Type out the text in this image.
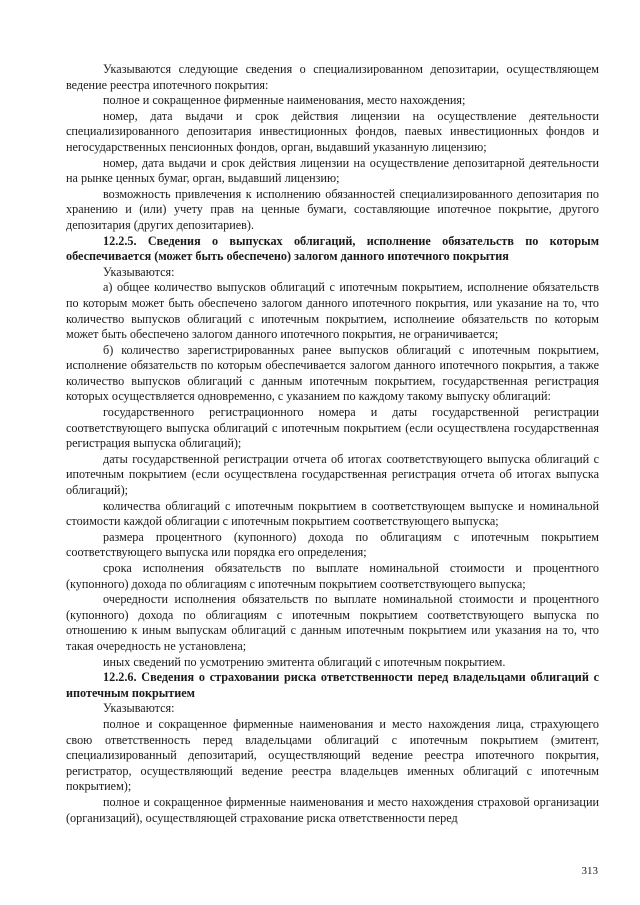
Указываются следующие сведения о специализированном депозитарии, осуществляющем ведение реестра ипотечного покрытия:

полное и сокращенное фирменные наименования, место нахождения;

номер, дата выдачи и срок действия лицензии на осуществление деятельности специализированного депозитария инвестиционных фондов, паевых инвестиционных фондов и негосударственных пенсионных фондов, орган, выдавший указанную лицензию;

номер, дата выдачи и срок действия лицензии на осуществление депозитарной деятельности на рынке ценных бумаг, орган, выдавший лицензию;

возможность привлечения к исполнению обязанностей специализированного депозитария по хранению и (или) учету прав на ценные бумаги, составляющие ипотечное покрытие, другого депозитария (других депозитариев).

12.2.5. Сведения о выпусках облигаций, исполнение обязательств по которым обеспечивается (может быть обеспечено) залогом данного ипотечного покрытия

Указываются:

а) общее количество выпусков облигаций с ипотечным покрытием, исполнение обязательств по которым может быть обеспечено залогом данного ипотечного покрытия, или указание на то, что количество выпусков облигаций с ипотечным покрытием, исполнеиие обязательств по которым может быть обеспечено залогом данного ипотечного покрытия, не ограничивается;

б) количество зарегистрированных ранее выпусков облигаций с ипотечным покрытием, исполнение обязательств по которым обеспечивается залогом данного ипотечного покрытия, а также количество выпусков облигаций с данным ипотечным покрытием, государственная регистрация которых осуществляется одновременно, с указанием по каждому такому выпуску облигаций:

государственного регистрационного номера и даты государственной регистрации соответствующего выпуска облигаций с ипотечным покрытием (если осуществлена государственная регистрация выпуска облигаций);

даты государственной регистрации отчета об итогах соответствующего выпуска облигаций с ипотечным покрытием (если осуществлена государственная регистрация отчета об итогах выпуска облигаций);

количества облигаций с ипотечным покрытием в соответствующем выпуске и номинальной стоимости каждой облигации с ипотечным покрытием соответствующего выпуска;

размера процентного (купонного) дохода по облигациям с ипотечным покрытием соответствующего выпуска или порядка его определения;

срока исполнения обязательств по выплате номинальной стоимости и процентного (купонного) дохода по облигациям с ипотечным покрытием соответствующего выпуска;

очередности исполнения обязательств по выплате номинальной стоимости и процентного (купонного) дохода по облигациям с ипотечным покрытием соответствующего выпуска по отношению к иным выпускам облигаций с данным ипотечным покрытием или указания на то, что такая очередность не установлена;

иных сведений по усмотрению эмитента облигаций с ипотечным покрытием.

12.2.6. Сведения о страховании риска ответственности перед владельцами облигаций с ипотечным покрытием

Указываются:

полное и сокращенное фирменные наименования и место нахождения лица, страхующего свою ответственность перед владельцами облигаций с ипотечным покрытием (эмитент, специализированный депозитарий, осуществляющий ведение реестра ипотечного покрытия, регистратор, осуществляющий ведение реестра владельцев именных облигаций с ипотечным покрытием);

полное и сокращенное фирменные наименования и место нахождения страховой организации (организаций), осуществляющей страхование риска ответственности перед

313
